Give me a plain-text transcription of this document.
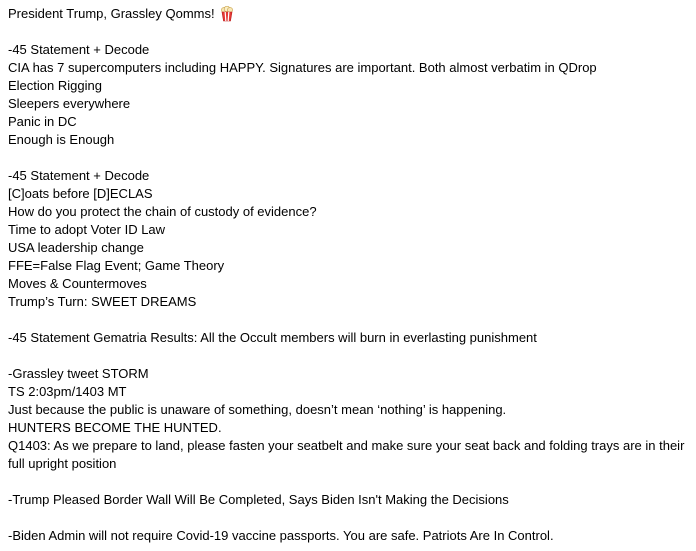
President Trump, Grassley Qomms!
-45 Statement + Decode
CIA has 7 supercomputers including HAPPY. Signatures are important. Both almost verbatim in QDrop
Election Rigging
Sleepers everywhere
Panic in DC
Enough is Enough
-45 Statement + Decode
[C]oats before [D]ECLAS
How do you protect the chain of custody of evidence?
Time to adopt Voter ID Law
USA leadership change
FFE=False Flag Event; Game Theory
Moves & Countermoves
Trump’s Turn: SWEET DREAMS
-45 Statement Gematria Results: All the Occult members will burn in everlasting punishment
-Grassley tweet STORM
TS 2:03pm/1403 MT
Just because the public is unaware of something, doesn’t mean ‘nothing’ is happening.
HUNTERS BECOME THE HUNTED.
Q1403: As we prepare to land, please fasten your seatbelt and make sure your seat back and folding trays are in their full upright position
-Trump Pleased Border Wall Will Be Completed, Says Biden Isn't Making the Decisions
-Biden Admin will not require Covid-19 vaccine passports. You are safe. Patriots Are In Control.
